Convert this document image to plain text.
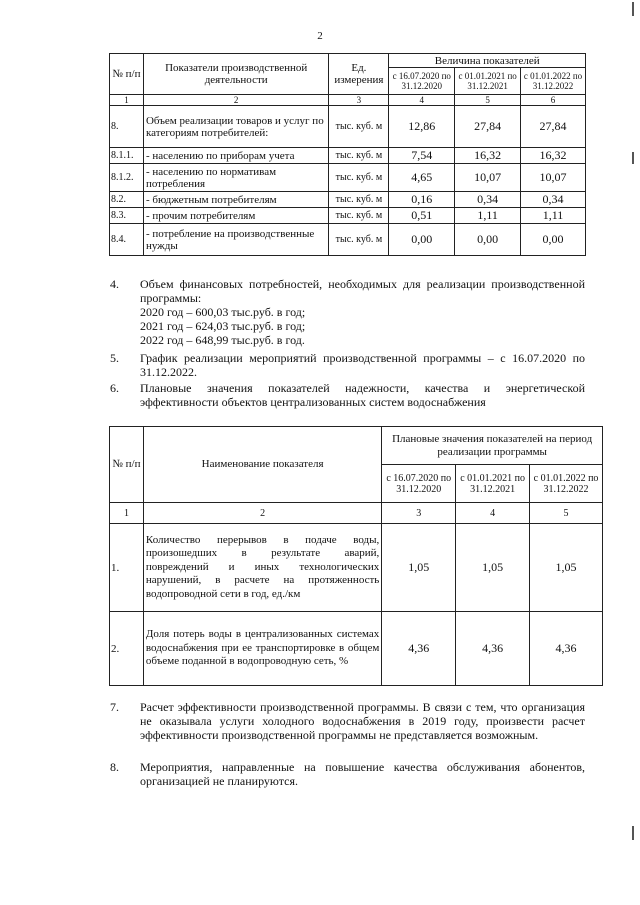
2
№ п/п	Показатели производственной деятельности	Ед. измерения	Величина показателей		
			с 16.07.2020 по 31.12.2020	с 01.01.2021 по 31.12.2021	с 01.01.2022 по 31.12.2022
1	2	3	4	5	6
8.	Объем реализации товаров и услуг по категориям потребителей:	тыс. куб. м	12,86	27,84	27,84
8.1.1.	- населению по приборам учета	тыс. куб. м	7,54	16,32	16,32
8.1.2.	- населению по нормативам потребления	тыс. куб. м	4,65	10,07	10,07
8.2.	- бюджетным потребителям	тыс. куб. м	0,16	0,34	0,34
8.3.	- прочим потребителям	тыс. куб. м	0,51	1,11	1,11
8.4.	- потребление на производственные нужды	тыс. куб. м	0,00	0,00	0,00
4. Объем финансовых потребностей, необходимых для реализации производственной программы:
2020 год – 600,03 тыс.руб. в год;
2021 год – 624,03 тыс.руб. в год;
2022 год – 648,99 тыс.руб. в год.
5. График реализации мероприятий производственной программы – с 16.07.2020 по 31.12.2022.
6. Плановые значения показателей надежности, качества и энергетической эффективности объектов централизованных систем водоснабжения
№ п/п	Наименование показателя	Плановые значения показателей на период реализации программы		
		с 16.07.2020 по 31.12.2020	с 01.01.2021 по 31.12.2021	с 01.01.2022 по 31.12.2022
1	2	3	4	5
1.	Количество перерывов в подаче воды, произошедших в результате аварий, повреждений и иных технологических нарушений, в расчете на протяженность водопроводной сети в год, ед./км	1,05	1,05	1,05
2.	Доля потерь воды в централизованных системах водоснабжения при ее транспортировке в общем объеме поданной в водопроводную сеть, %	4,36	4,36	4,36
7. Расчет эффективности производственной программы. В связи с тем, что организация не оказывала услуги холодного водоснабжения в 2019 году, произвести расчет эффективности производственной программы не представляется возможным.
8. Мероприятия, направленные на повышение качества обслуживания абонентов, организацией не планируются.
